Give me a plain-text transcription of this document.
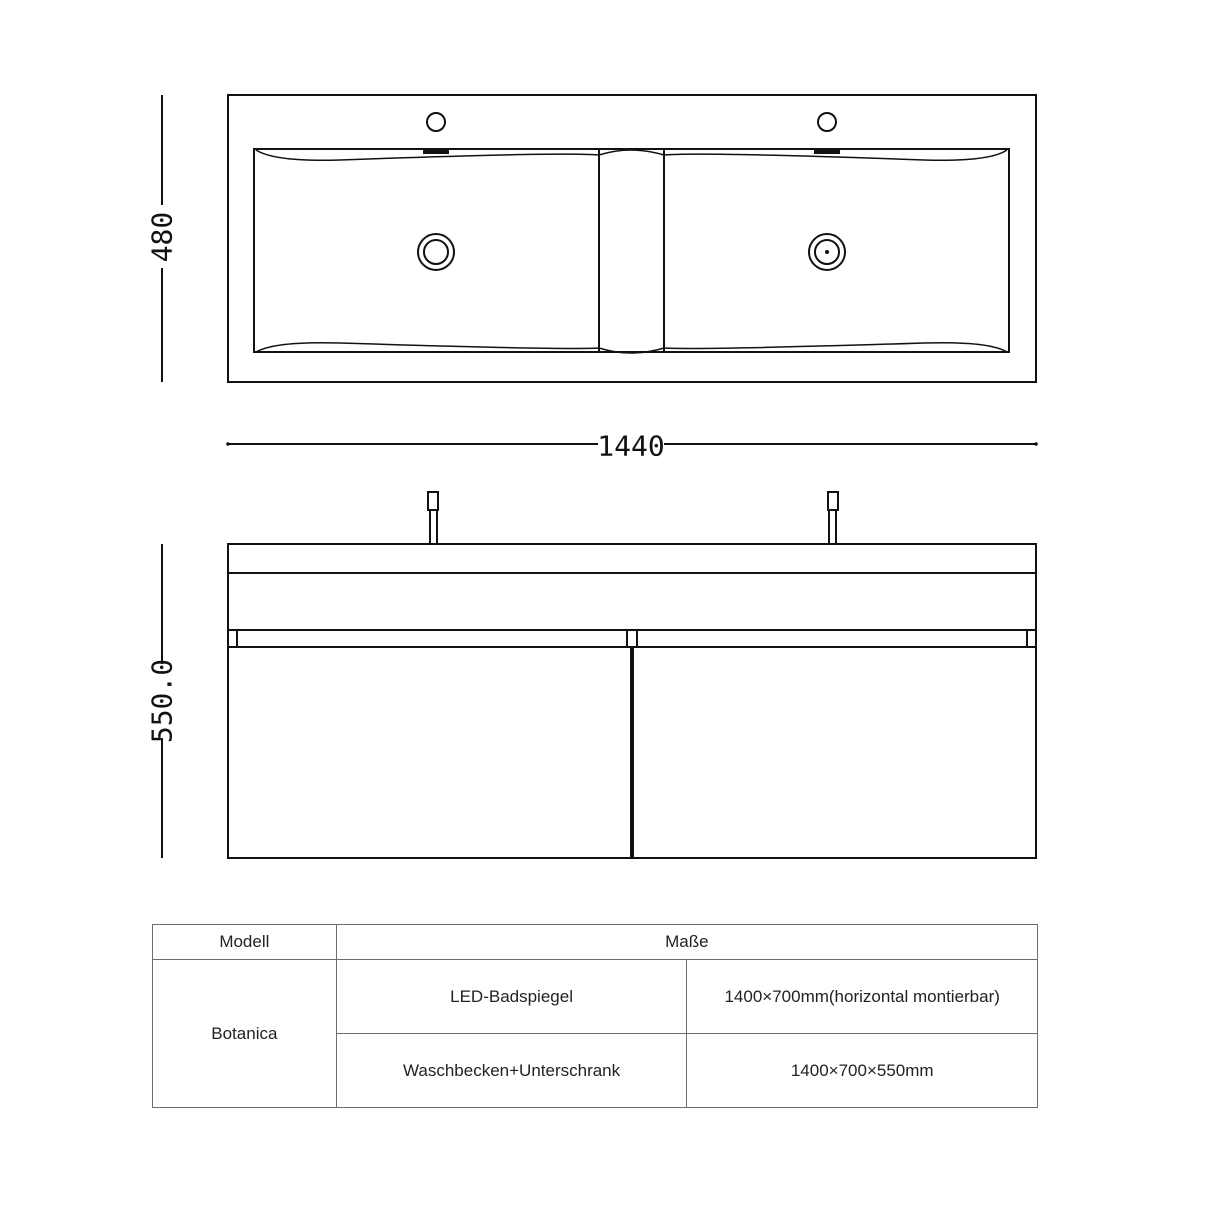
480
1440
550.0
Modell	Maße	
Botanica	LED-Badspiegel	1400×700mm(horizontal montierbar)
	Waschbecken+Unterschrank	1400×700×550mm
